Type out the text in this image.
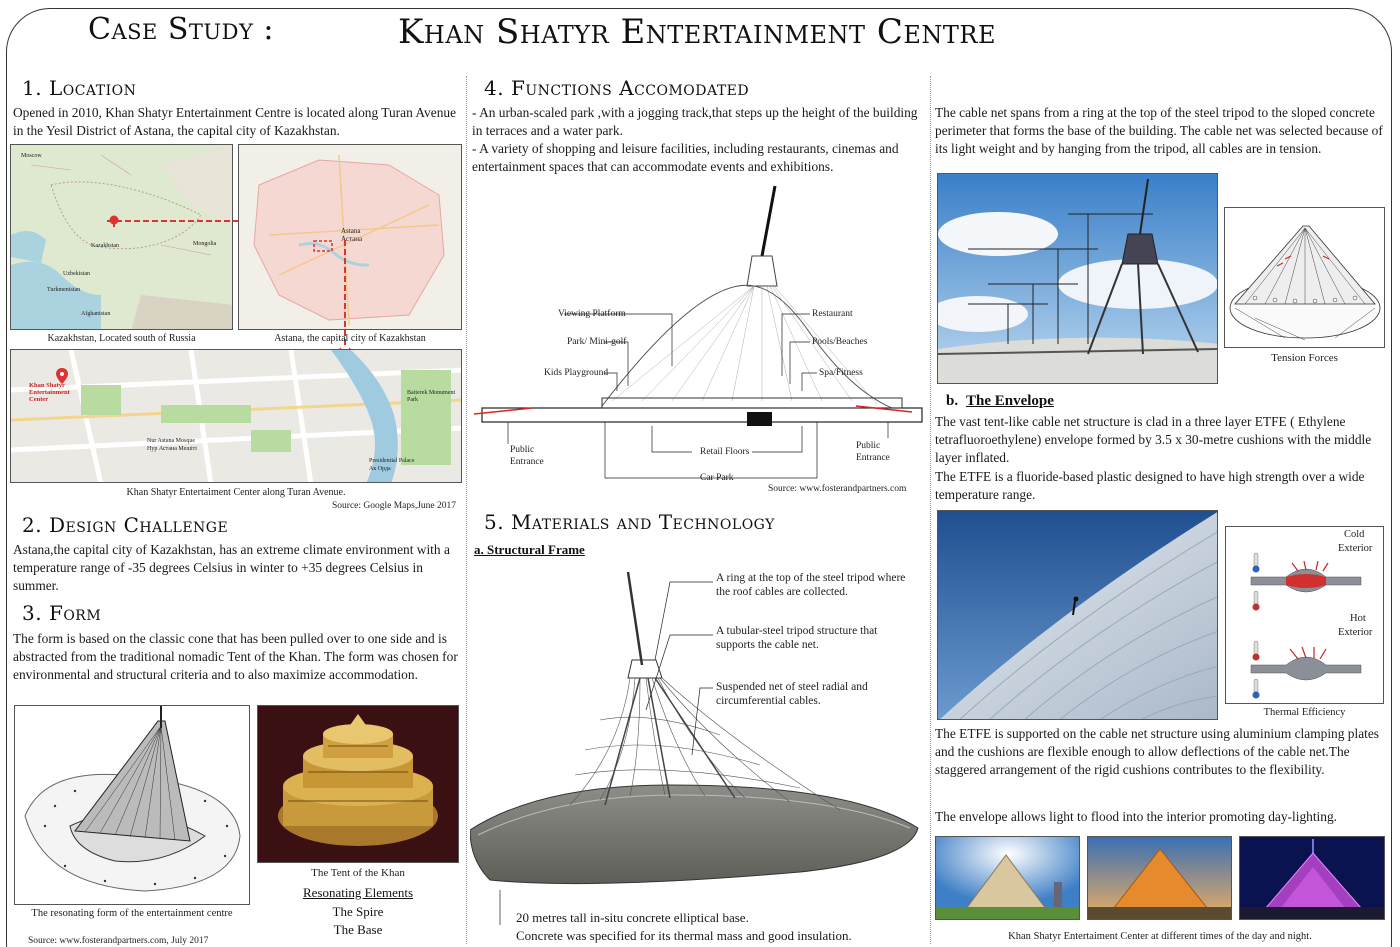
Case Study :	Khan Shatyr Entertainment Centre
1. Location
Opened in 2010, Khan Shatyr Entertainment Centre is located along Turan Avenue in the Yesil District of Astana, the capital city of Kazakhstan.
Kazakhstan	Mongolia
Uzbekistan
Turkmenistan
Afghanistan
Moscow
Astana
Астана
Kazakhstan, Located south of Russia	Astana, the capital city of Kazakhstan
Khan Shatyr Entertainment Center
Nur Astana Mosque
Нур Астана Мешіті
Presidential Palace
Ак Орда
Baiterek Monument Park
Khan Shatyr Entertaiment Center along Turan Avenue.
Source: Google Maps,June 2017
2. Design Challenge
Astana,the capital city of Kazakhstan, has an extreme climate environment with a temperature range of -35 degrees Celsius in winter to +35 degrees Celsius in summer.
3. Form
The form is based on the classic cone that has been pulled over to one side and is abstracted from the traditional nomadic Tent of the Khan. The form was chosen for environmental and structural criteria and to also maximize accommodation.
The resonating form of the entertainment centre
Source: www.fosterandpartners.com, July 2017
The Tent of the Khan
Resonating Elements
The Spire
The Base
4. Functions Accomodated
- An urban-scaled park ,with a jogging track,that steps up the height of the building in terraces and a water park.
- A variety of shopping and leisure facilities, including restaurants, cinemas and entertainment spaces that can accommodate events and exhibitions.
Viewing Platform
Park/ Mini-golf
Kids Playground
Restaurant
Pools/Beaches
Spa/Fitness
Public Entrance
Public Entrance
Retail Floors
Car Park
Source: www.fosterandpartners.com
5. Materials and Technology
a. Structural Frame
A ring at the top of the steel tripod where the roof cables are collected.
A tubular-steel tripod structure that supports the cable net.
Suspended net of steel radial and circumferential cables.
20 metres tall in-situ concrete elliptical base.
Concrete was specified for its thermal mass and good insulation.
The cable net spans from a ring at the top of the steel tripod to the sloped concrete perimeter that forms the base of the building. The cable net was selected because of its light weight and by hanging from the tripod, all cables are in tension.
Tension Forces
b. The Envelope
The vast tent-like cable net structure is clad in a three layer ETFE ( Ethylene tetrafluoroethylene) envelope formed by 3.5 x 30-metre cushions with the middle layer inflated.
The ETFE is a fluoride-based plastic designed to have high strength over a wide temperature range.
Cold
Exterior
Hot
Exterior
Thermal Efficiency
The ETFE is supported on the cable net structure using aluminium clamping plates and the cushions are flexible enough to allow deflections of the cable net.The staggered arrangement of the rigid cushions contributes to the flexibility.
The envelope allows light to flood into the interior promoting day-lighting.
Khan Shatyr Entertaiment Center at different times of the day and night.
